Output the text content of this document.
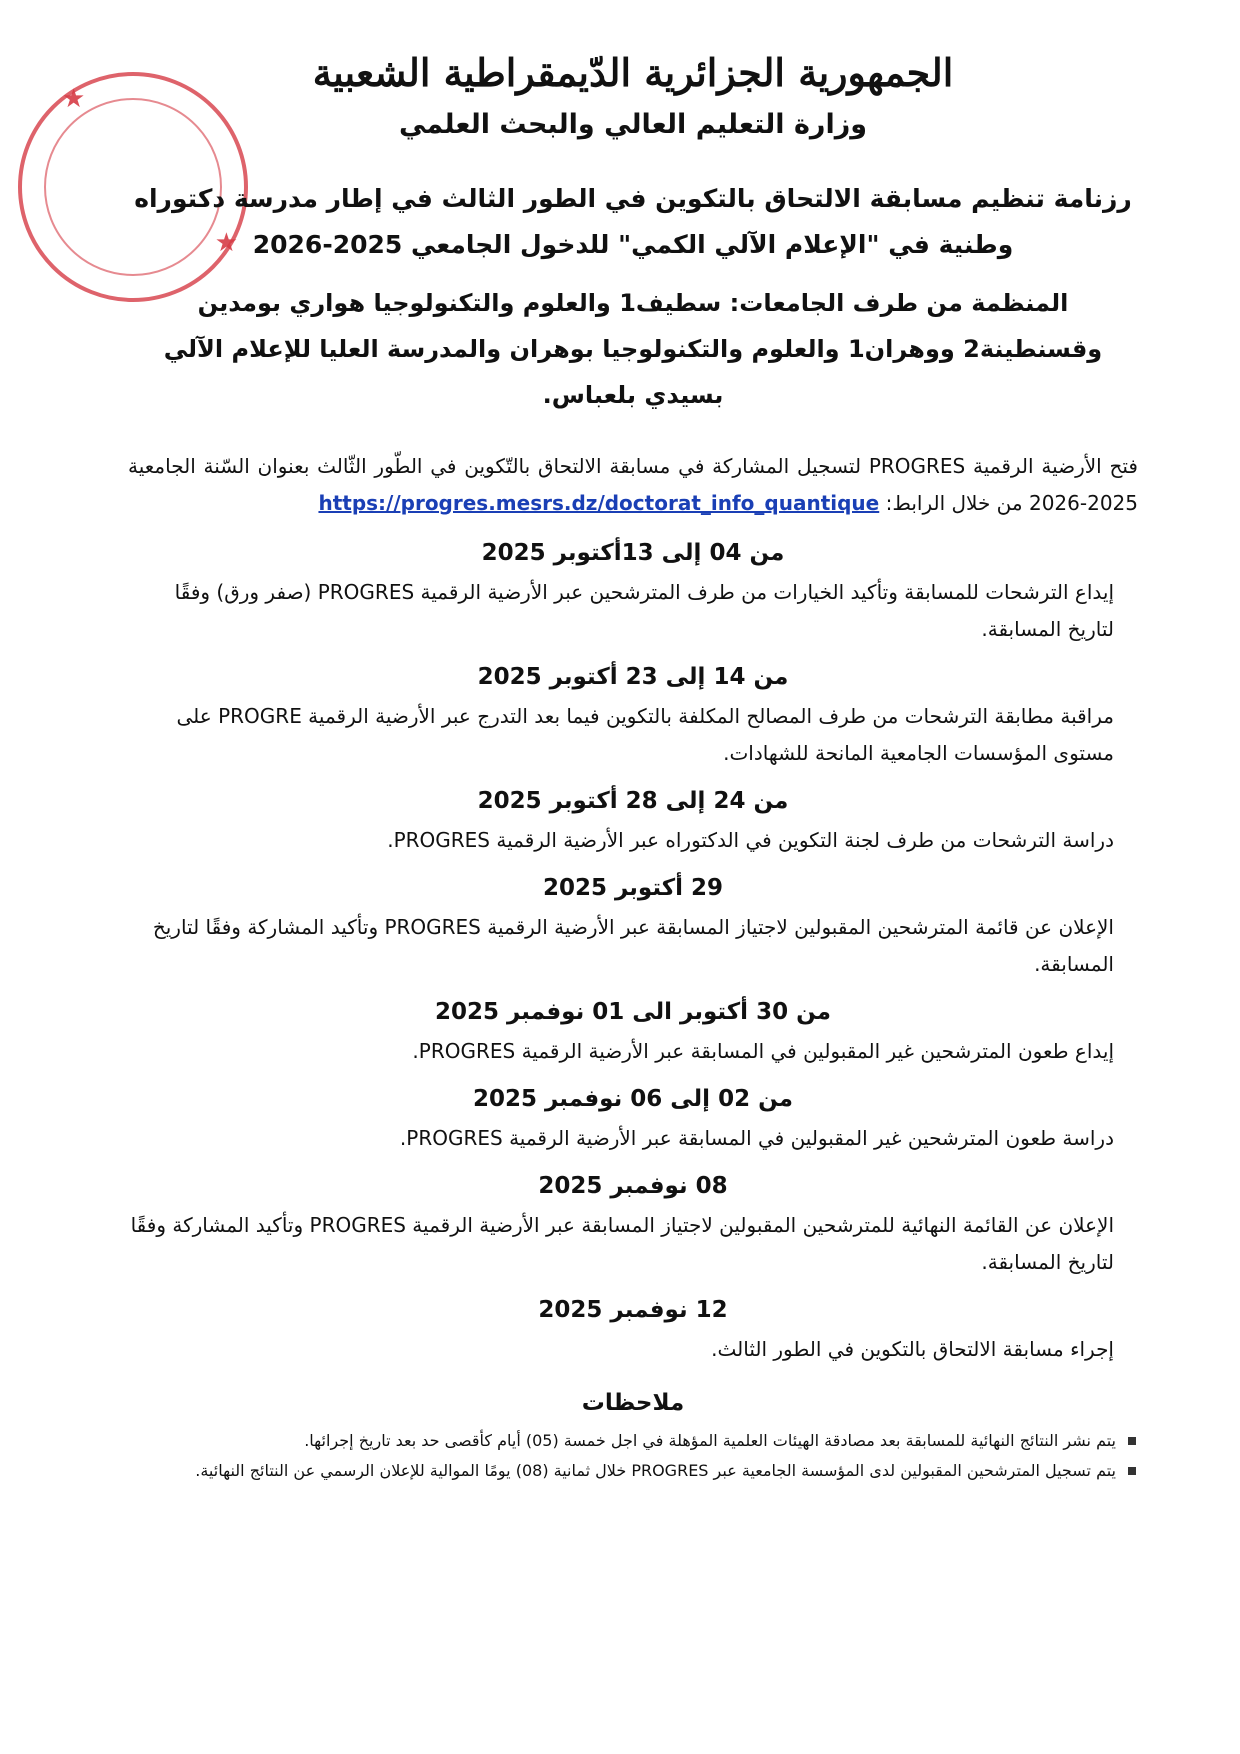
★
★
الجمهورية الجزائرية الدّيمقراطية الشعبية
وزارة التعليم العالي والبحث العلمي
رزنامة تنظيم مسابقة الالتحاق بالتكوين في الطور الثالث في إطار مدرسة دكتوراه
وطنية في "الإعلام الآلي الكمي" للدخول الجامعي 2025-2026
المنظمة من طرف الجامعات: سطيف1 والعلوم والتكنولوجيا هواري بومدين
وقسنطينة2 ووهران1 والعلوم والتكنولوجيا بوهران والمدرسة العليا للإعلام الآلي
بسيدي بلعباس.

فتح الأرضية الرقمية PROGRES لتسجيل المشاركة في مسابقة الالتحاق بالتّكوين في الطّور الثّالث بعنوان السّنة الجامعية 2025-2026 من خلال الرابط: https://progres.mesrs.dz/doctorat_info_quantique

من 04 إلى 13أكتوبر 2025

إيداع الترشحات للمسابقة وتأكيد الخيارات من طرف المترشحين عبر الأرضية الرقمية PROGRES (صفر ورق) وفقًا لتاريخ المسابقة.

من 14 إلى 23 أكتوبر 2025

مراقبة مطابقة الترشحات من طرف المصالح المكلفة بالتكوين فيما بعد التدرج عبر الأرضية الرقمية PROGRE على مستوى المؤسسات الجامعية المانحة للشهادات.

من 24 إلى 28 أكتوبر 2025

دراسة الترشحات من طرف لجنة التكوين في الدكتوراه عبر الأرضية الرقمية PROGRES.

29 أكتوبر 2025

الإعلان عن قائمة المترشحين المقبولين لاجتياز المسابقة عبر الأرضية الرقمية PROGRES وتأكيد المشاركة وفقًا لتاريخ المسابقة.

من 30 أكتوبر الى 01 نوفمبر 2025

إيداع طعون المترشحين غير المقبولين في المسابقة عبر الأرضية الرقمية PROGRES.

من 02 إلى 06 نوفمبر 2025

دراسة طعون المترشحين غير المقبولين في المسابقة عبر الأرضية الرقمية PROGRES.

08 نوفمبر 2025

الإعلان عن القائمة النهائية للمترشحين المقبولين لاجتياز المسابقة عبر الأرضية الرقمية PROGRES وتأكيد المشاركة وفقًا لتاريخ المسابقة.

12 نوفمبر 2025

إجراء مسابقة الالتحاق بالتكوين في الطور الثالث.

ملاحظات
يتم نشر النتائج النهائية للمسابقة بعد مصادقة الهيئات العلمية المؤهلة في اجل خمسة (05) أيام كأقصى حد بعد تاريخ إجرائها.
يتم تسجيل المترشحين المقبولين لدى المؤسسة الجامعية عبر PROGRES خلال ثمانية (08) يومًا الموالية للإعلان الرسمي عن النتائج النهائية.
